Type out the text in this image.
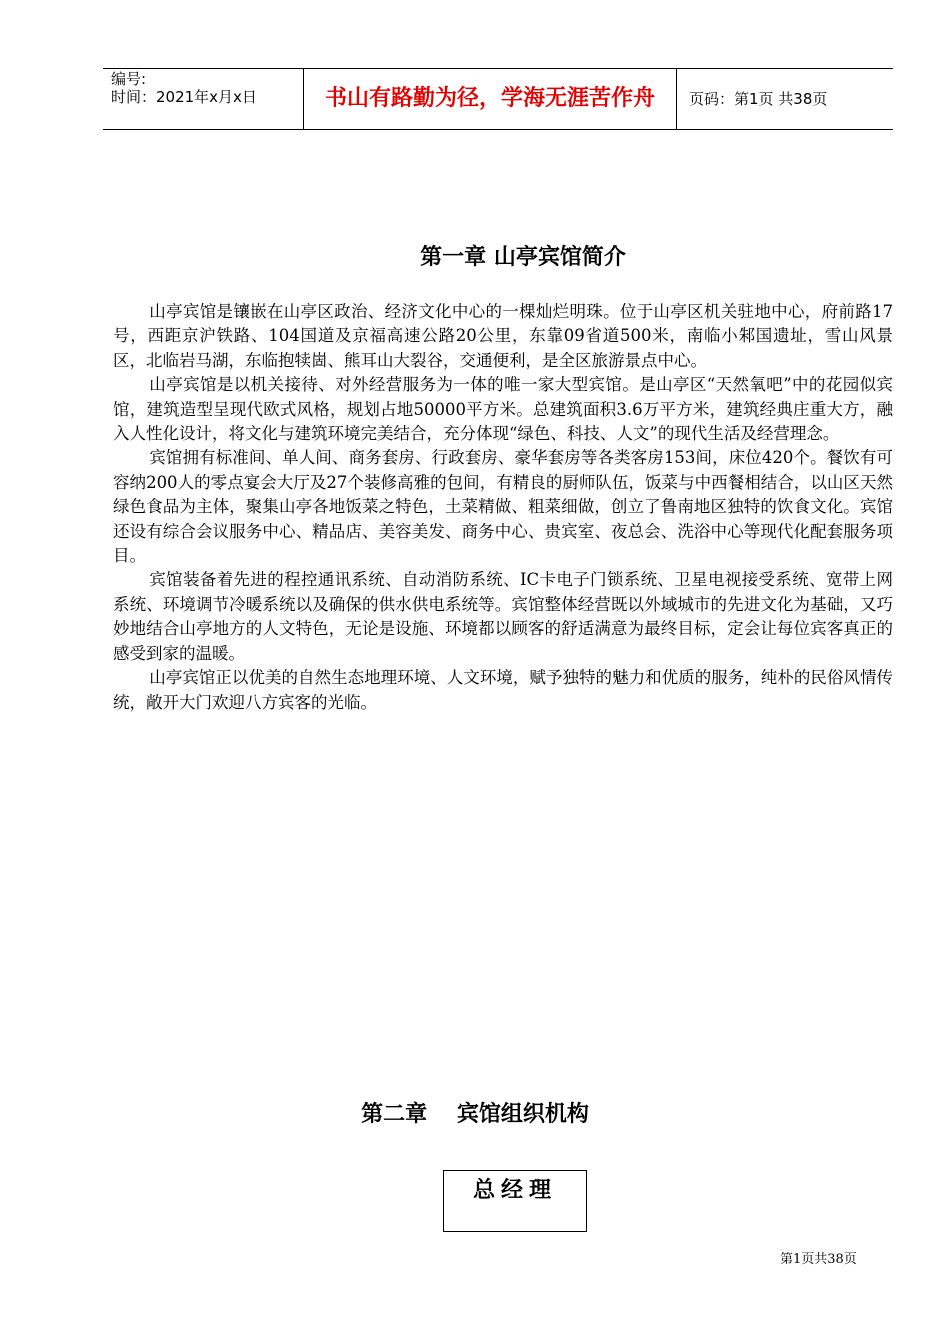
编号:
时间：2021年x月x日	书山有路勤为径，学海无涯苦作舟	页码：第1页 共38页
第一章 山亭宾馆简介

山亭宾馆是镶嵌在山亭区政治、经济文化中心的一棵灿烂明珠。位于山亭区机关驻地中心，府前路17号，西距京沪铁路、104国道及京福高速公路20公里，东靠09省道500米，南临小邾国遗址，雪山风景区，北临岩马湖，东临抱犊崮、熊耳山大裂谷，交通便利，是全区旅游景点中心。

山亭宾馆是以机关接待、对外经营服务为一体的唯一家大型宾馆。是山亭区“天然氧吧”中的花园似宾馆，建筑造型呈现代欧式风格，规划占地50000平方米。总建筑面积3.6万平方米，建筑经典庄重大方，融入人性化设计，将文化与建筑环境完美结合，充分体现“绿色、科技、人文”的现代生活及经营理念。

宾馆拥有标准间、单人间、商务套房、行政套房、豪华套房等各类客房153间，床位420个。餐饮有可容纳200人的零点宴会大厅及27个装修高雅的包间，有精良的厨师队伍，饭菜与中西餐相结合，以山区天然绿色食品为主体，聚集山亭各地饭菜之特色，土菜精做、粗菜细做，创立了鲁南地区独特的饮食文化。宾馆还设有综合会议服务中心、精品店、美容美发、商务中心、贵宾室、夜总会、洗浴中心等现代化配套服务项目。

宾馆装备着先进的程控通讯系统、自动消防系统、IC卡电子门锁系统、卫星电视接受系统、宽带上网系统、环境调节冷暖系统以及确保的供水供电系统等。宾馆整体经营既以外域城市的先进文化为基础，又巧妙地结合山亭地方的人文特色，无论是设施、环境都以顾客的舒适满意为最终目标，定会让每位宾客真正的感受到家的温暖。

山亭宾馆正以优美的自然生态地理环境、人文环境，赋予独特的魅力和优质的服务，纯朴的民俗风情传统，敞开大门欢迎八方宾客的光临。

第二章　 宾馆组织机构
总经理
第1页共38页
